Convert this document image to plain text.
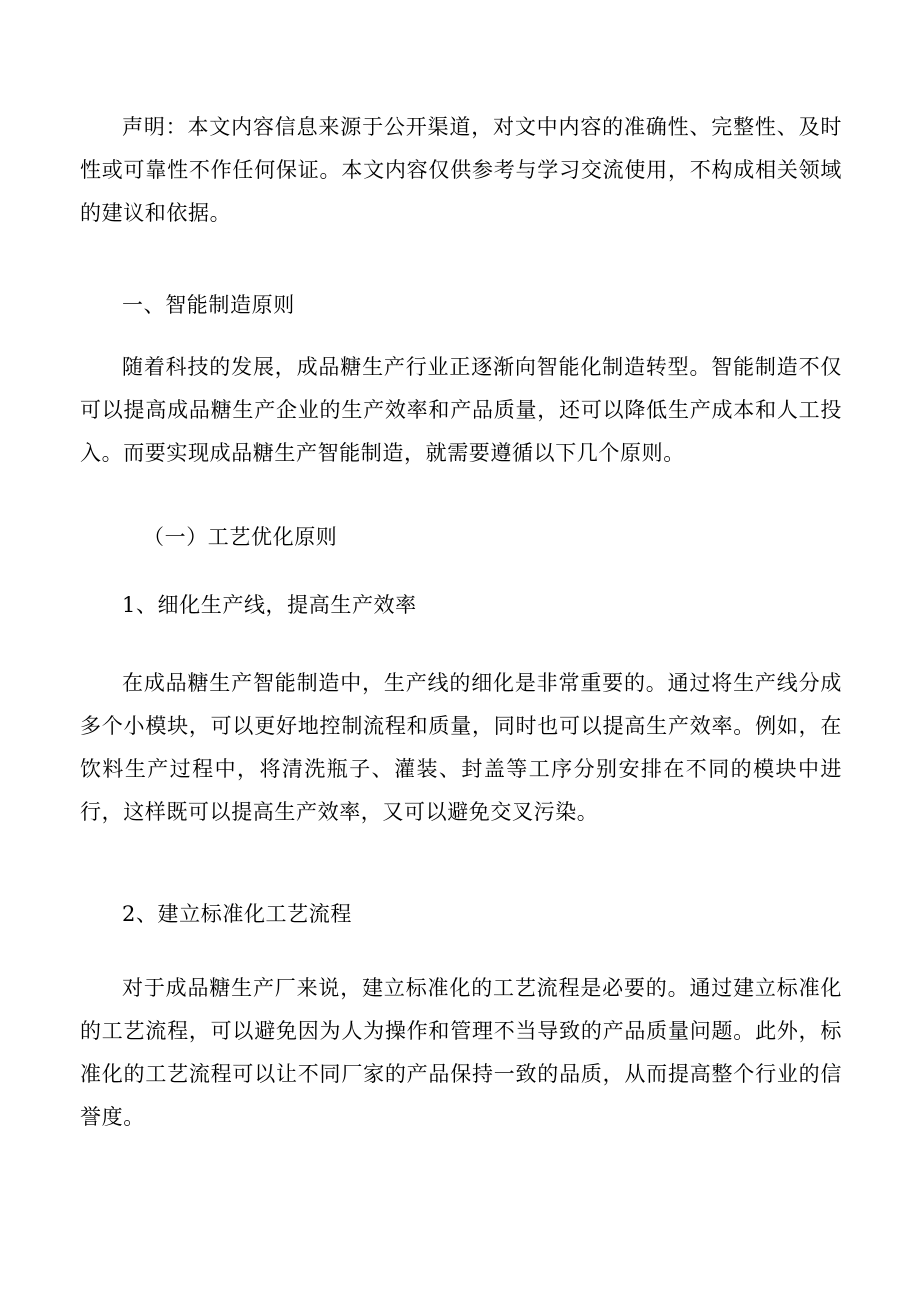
声明：本文内容信息来源于公开渠道，对文中内容的准确性、完整性、及时性或可靠性不作任何保证。本文内容仅供参考与学习交流使用，不构成相关领域的建议和依据。

一、智能制造原则

随着科技的发展，成品糖生产行业正逐渐向智能化制造转型。智能制造不仅可以提高成品糖生产企业的生产效率和产品质量，还可以降低生产成本和人工投入。而要实现成品糖生产智能制造，就需要遵循以下几个原则。

（一）工艺优化原则

1、细化生产线，提高生产效率

在成品糖生产智能制造中，生产线的细化是非常重要的。通过将生产线分成多个小模块，可以更好地控制流程和质量，同时也可以提高生产效率。例如，在饮料生产过程中，将清洗瓶子、灌装、封盖等工序分别安排在不同的模块中进行，这样既可以提高生产效率，又可以避免交叉污染。

2、建立标准化工艺流程

对于成品糖生产厂来说，建立标准化的工艺流程是必要的。通过建立标准化的工艺流程，可以避免因为人为操作和管理不当导致的产品质量问题。此外，标准化的工艺流程可以让不同厂家的产品保持一致的品质，从而提高整个行业的信誉度。
